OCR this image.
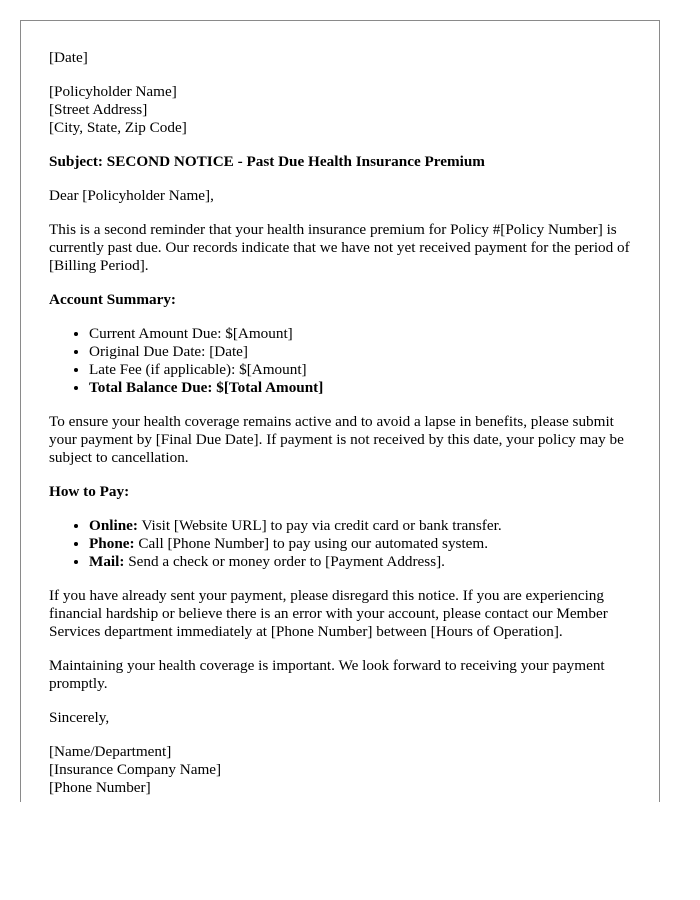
[Date]

[Policyholder Name]
[Street Address]
[City, State, Zip Code]

Subject: SECOND NOTICE - Past Due Health Insurance Premium

Dear [Policyholder Name],

This is a second reminder that your health insurance premium for Policy #[Policy Number] is currently past due. Our records indicate that we have not yet received payment for the period of [Billing Period].

Account Summary:

• Current Amount Due: $[Amount]
• Original Due Date: [Date]
• Late Fee (if applicable): $[Amount]
• Total Balance Due: $[Total Amount]

To ensure your health coverage remains active and to avoid a lapse in benefits, please submit your payment by [Final Due Date]. If payment is not received by this date, your policy may be subject to cancellation.

How to Pay:

• Online: Visit [Website URL] to pay via credit card or bank transfer.
• Phone: Call [Phone Number] to pay using our automated system.
• Mail: Send a check or money order to [Payment Address].

If you have already sent your payment, please disregard this notice. If you are experiencing financial hardship or believe there is an error with your account, please contact our Member Services department immediately at [Phone Number] between [Hours of Operation].

Maintaining your health coverage is important. We look forward to receiving your payment promptly.

Sincerely,

[Name/Department]
[Insurance Company Name]
[Phone Number]
